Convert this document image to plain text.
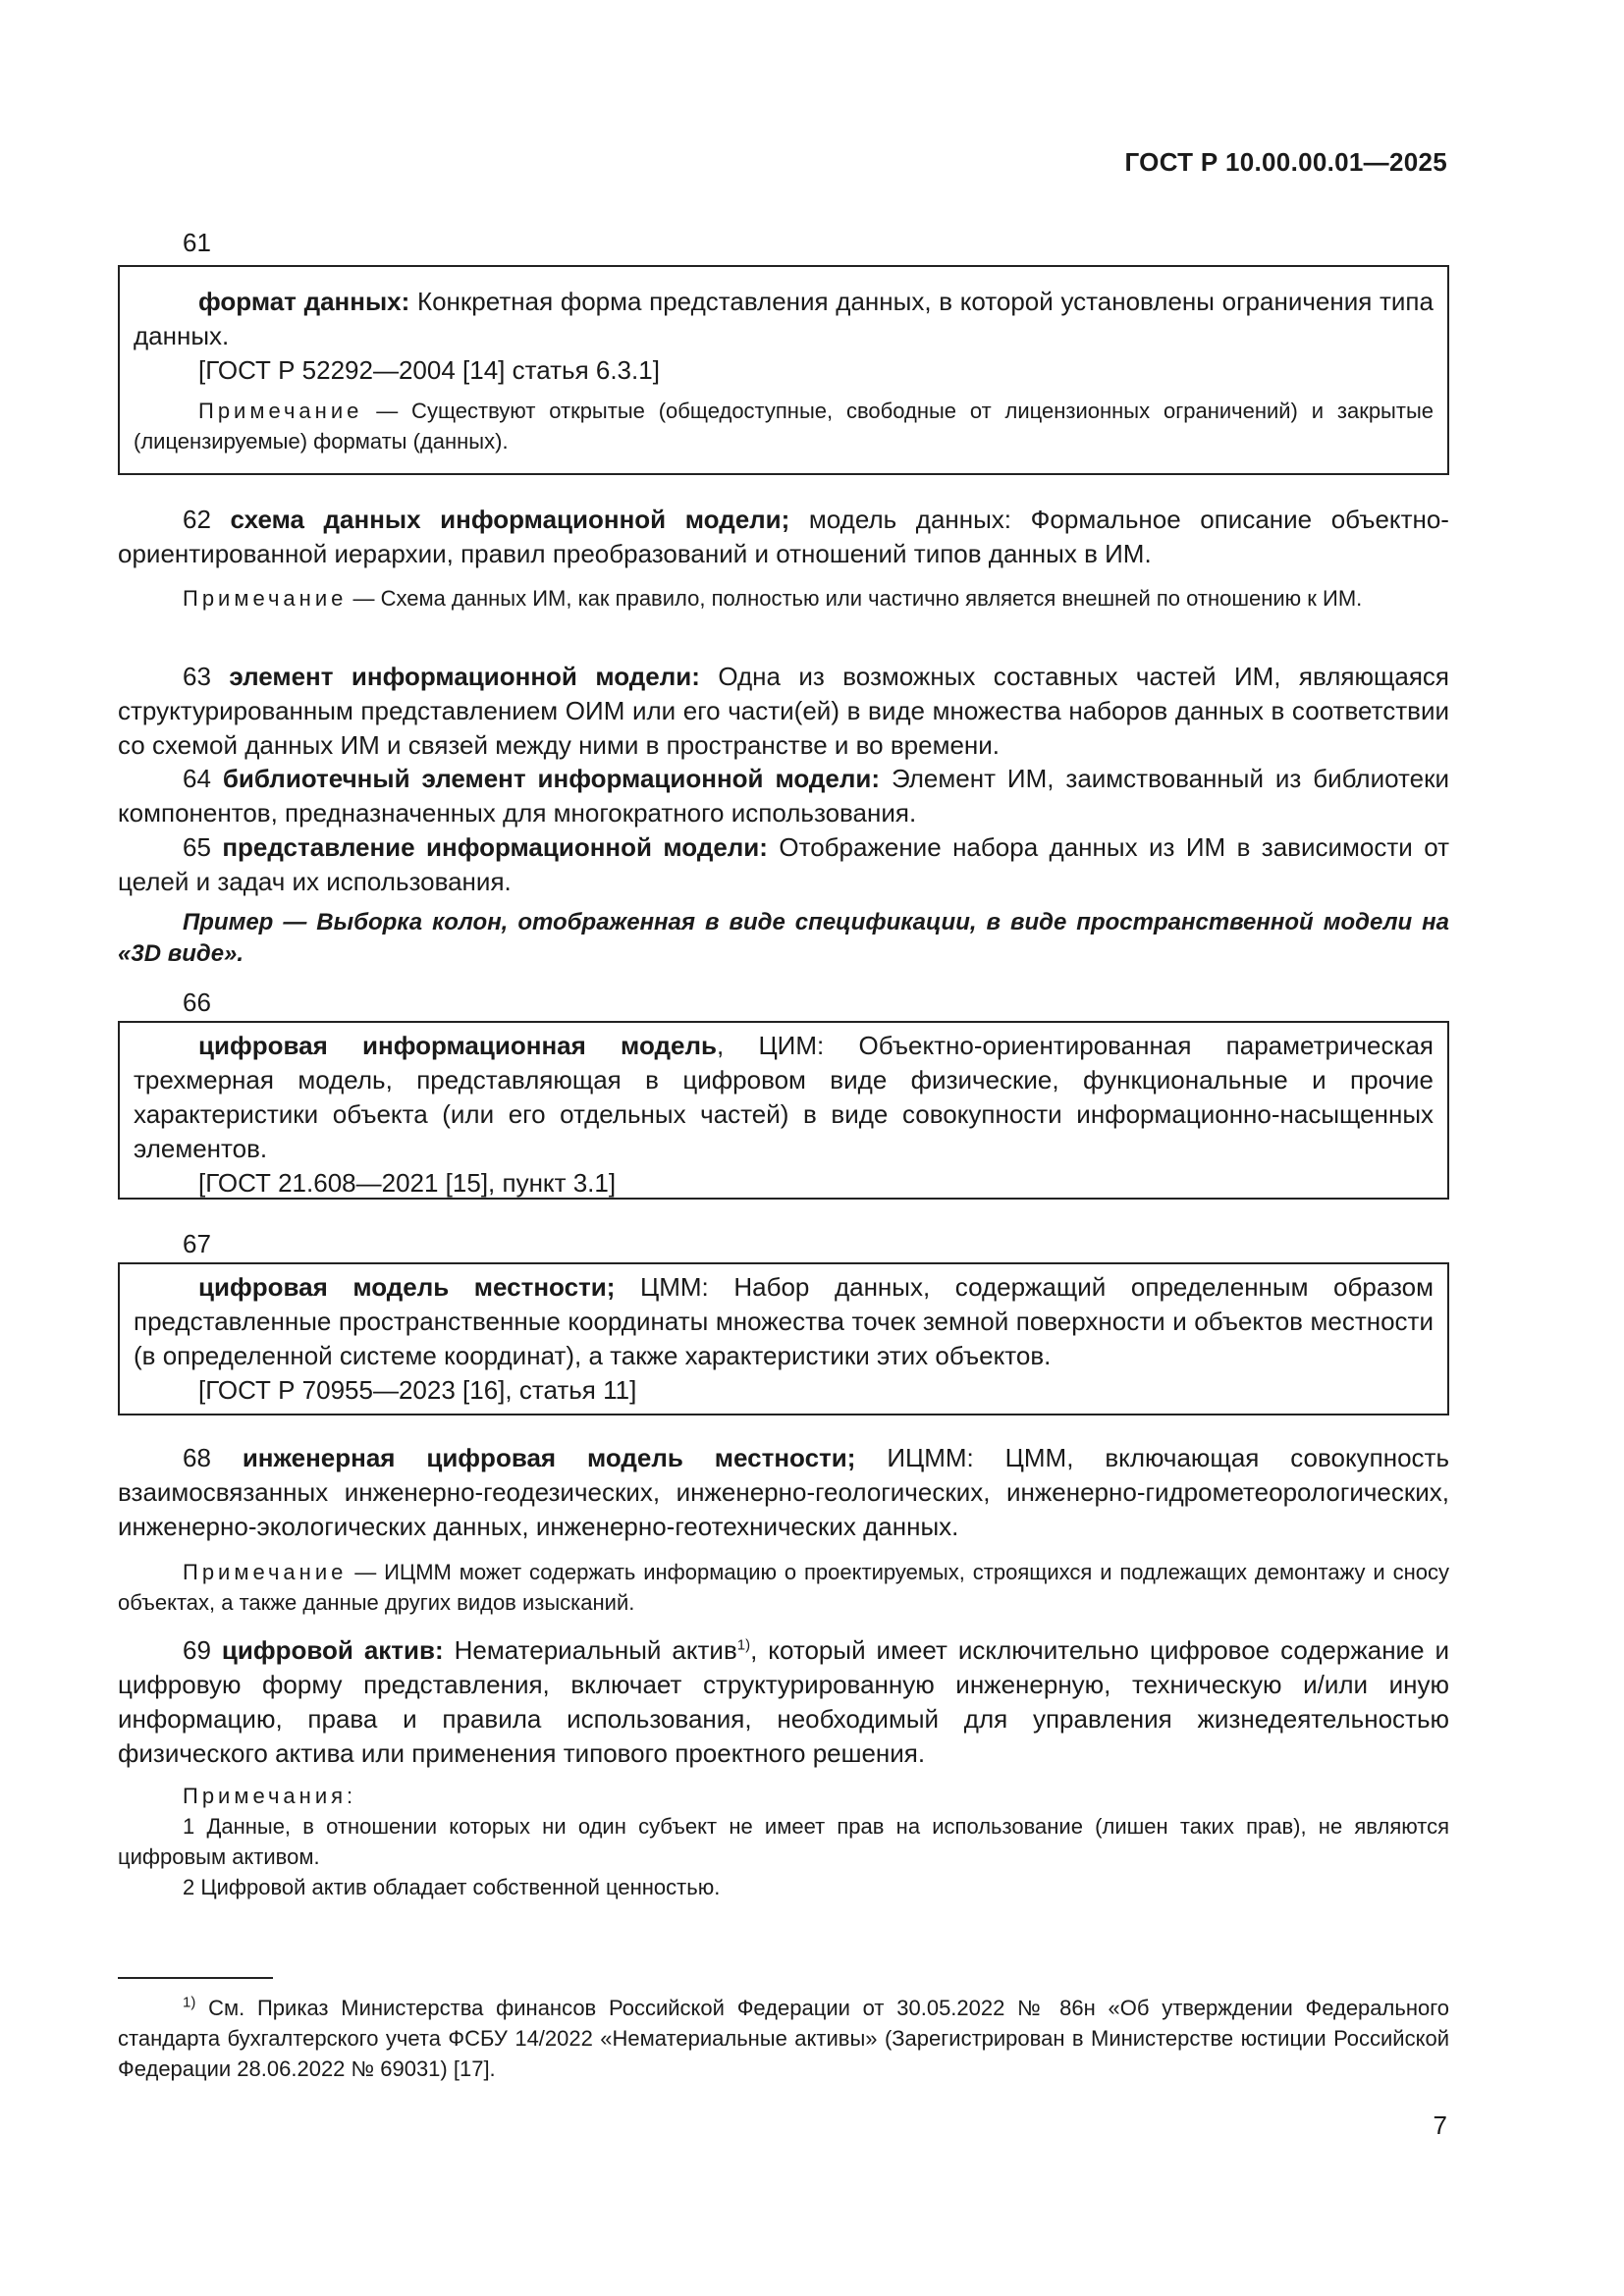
ГОСТ Р 10.00.00.01—2025
61
формат данных: Конкретная форма представления данных, в которой установлены ограничения типа данных.
[ГОСТ Р 52292—2004 [14] статья 6.3.1]
Примечание — Существуют открытые (общедоступные, свободные от лицензионных ограничений) и закрытые (лицензируемые) форматы (данных).
62 схема данных информационной модели; модель данных: Формальное описание объектно-ориентированной иерархии, правил преобразований и отношений типов данных в ИМ.
Примечание — Схема данных ИМ, как правило, полностью или частично является внешней по отношению к ИМ.
63 элемент информационной модели: Одна из возможных составных частей ИМ, являющаяся структурированным представлением ОИМ или его части(ей) в виде множества наборов данных в соответствии со схемой данных ИМ и связей между ними в пространстве и во времени.
64 библиотечный элемент информационной модели: Элемент ИМ, заимствованный из библиотеки компонентов, предназначенных для многократного использования.
65 представление информационной модели: Отображение набора данных из ИМ в зависимости от целей и задач их использования.
Пример — Выборка колон, отображенная в виде спецификации, в виде пространственной модели на «3D виде».
66
цифровая информационная модель, ЦИМ: Объектно-ориентированная параметрическая трехмерная модель, представляющая в цифровом виде физические, функциональные и прочие характеристики объекта (или его отдельных частей) в виде совокупности информационно-насыщенных элементов.
[ГОСТ 21.608—2021 [15], пункт 3.1]
67
цифровая модель местности; ЦММ: Набор данных, содержащий определенным образом представленные пространственные координаты множества точек земной поверхности и объектов местности (в определенной системе координат), а также характеристики этих объектов.
[ГОСТ Р 70955—2023 [16], статья 11]
68 инженерная цифровая модель местности; ИЦММ: ЦММ, включающая совокупность взаимосвязанных инженерно-геодезических, инженерно-геологических, инженерно-гидрометеорологических, инженерно-экологических данных, инженерно-геотехнических данных.
Примечание — ИЦММ может содержать информацию о проектируемых, строящихся и подлежащих демонтажу и сносу объектах, а также данные других видов изысканий.
69 цифровой актив: Нематериальный актив$^{1)}$, который имеет исключительно цифровое содержание и цифровую форму представления, включает структурированную инженерную, техническую и/или иную информацию, права и правила использования, необходимый для управления жизнедеятельностью физического актива или применения типового проектного решения.
Примечания:
1 Данные, в отношении которых ни один субъект не имеет прав на использование (лишен таких прав), не являются цифровым активом.
2 Цифровой актив обладает собственной ценностью.
$^{1)}$ См. Приказ Министерства финансов Российской Федерации от 30.05.2022 № 86н «Об утверждении Федерального стандарта бухгалтерского учета ФСБУ 14/2022 «Нематериальные активы» (Зарегистрирован в Министерстве юстиции Российской Федерации 28.06.2022 № 69031) [17].
7
